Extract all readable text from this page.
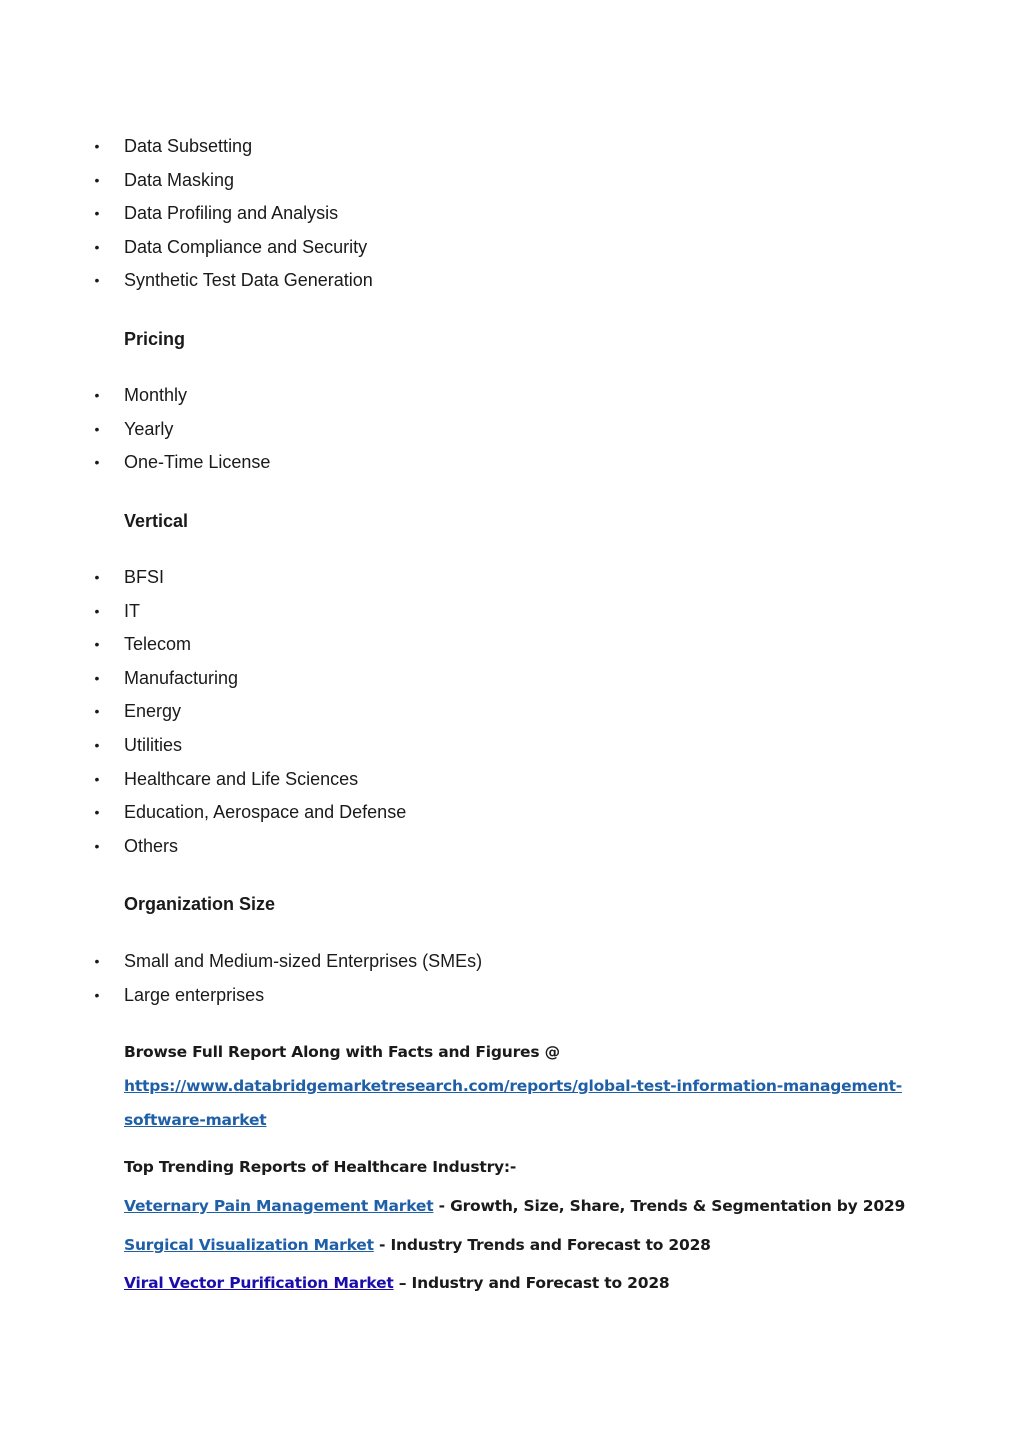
• Data Subsetting
• Data Masking
• Data Profiling and Analysis
• Data Compliance and Security
• Synthetic Test Data Generation
Pricing
• Monthly
• Yearly
• One-Time License
Vertical
• BFSI
• IT
• Telecom
• Manufacturing
• Energy
• Utilities
• Healthcare and Life Sciences
• Education, Aerospace and Defense
• Others
Organization Size
• Small and Medium-sized Enterprises (SMEs)
• Large enterprises
Browse Full Report Along with Facts and Figures @
https://www.databridgemarketresearch.com/reports/global-test-information-management-
software-market
Top Trending Reports of Healthcare Industry:-
Veternary Pain Management Market - Growth, Size, Share, Trends & Segmentation by 2029
Surgical Visualization Market - Industry Trends and Forecast to 2028
Viral Vector Purification Market – Industry and Forecast to 2028
